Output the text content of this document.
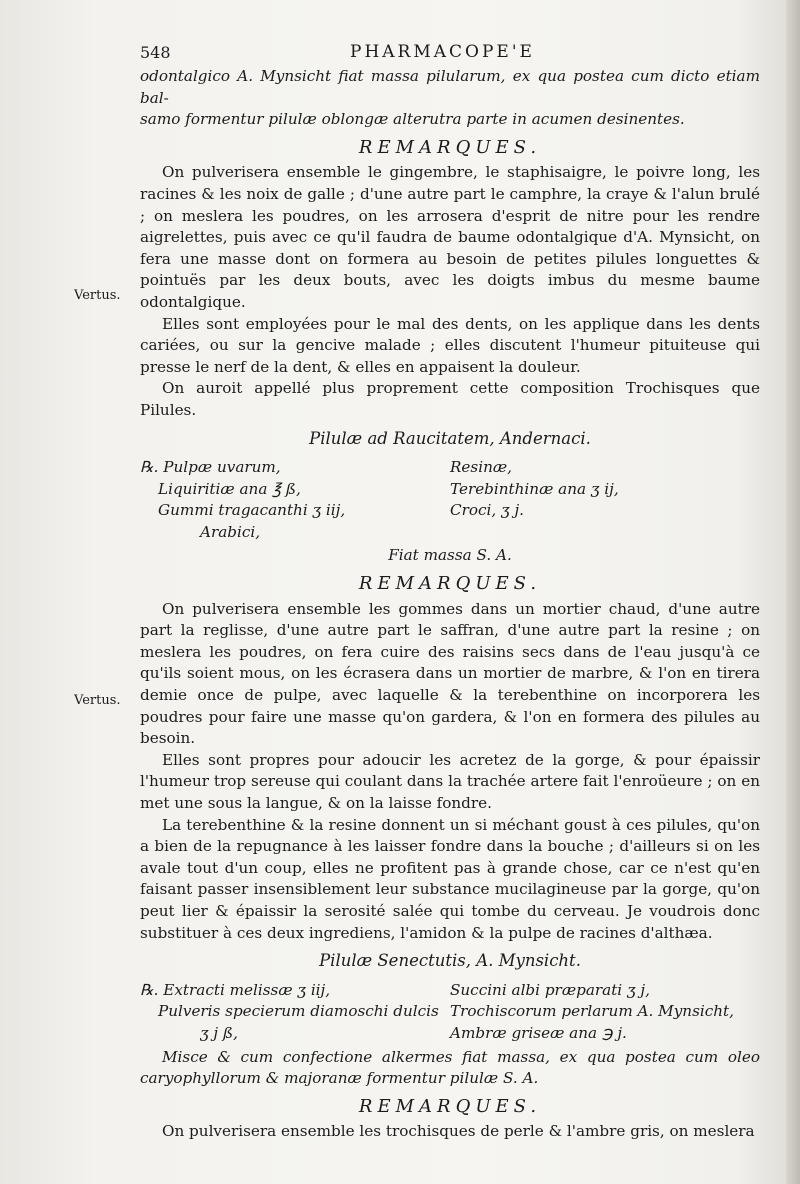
Vertus.
Vertus.
548	PHARMACOPE'E

odontalgico A. Mynsicht fiat massa pilularum, ex qua postea cum dicto etiam bal-

samo formentur pilulæ oblongæ alterutra parte in acumen desinentes.

REMARQUES.

On pulverisera ensemble le gingembre, le staphisaigre, le poivre long, les racines & les noix de galle ; d'une autre part le camphre, la craye & l'alun brulé ; on meslera les poudres, on les arrosera d'esprit de nitre pour les rendre aigrelettes, puis avec ce qu'il faudra de baume odontalgique d'A. Mynsicht, on fera une masse dont on formera au besoin de petites pilules longuettes & pointuës par les deux bouts, avec les doigts imbus du mesme baume odontalgique.

Elles sont employées pour le mal des dents, on les applique dans les dents cariées, ou sur la gencive malade ; elles discutent l'humeur pituiteuse qui presse le nerf de la dent, & elles en appaisent la douleur.

On auroit appellé plus proprement cette composition Trochisques que Pilules.

Pilulæ ad Raucitatem, Andernaci.
℞. Pulpæ uvarum,
Liquiritiæ ana ℥ ß,
Gummi tragacanthi ʒ iij,
Arabici,
Resinæ,
Terebinthinæ ana ʒ ij,
Croci, ʒ j.
Fiat massa S. A.
REMARQUES.

On pulverisera ensemble les gommes dans un mortier chaud, d'une autre part la reglisse, d'une autre part le saffran, d'une autre part la resine ; on meslera les poudres, on fera cuire des raisins secs dans de l'eau jusqu'à ce qu'ils soient mous, on les écrasera dans un mortier de marbre, & l'on en tirera demie once de pulpe, avec laquelle & la terebenthine on incorporera les poudres pour faire une masse qu'on gardera, & l'on en formera des pilules au besoin.

Elles sont propres pour adoucir les acretez de la gorge, & pour épaissir l'humeur trop sereuse qui coulant dans la trachée artere fait l'enroüeure ; on en met une sous la langue, & on la laisse fondre.

La terebenthine & la resine donnent un si méchant goust à ces pilules, qu'on a bien de la repugnance à les laisser fondre dans la bouche ; d'ailleurs si on les avale tout d'un coup, elles ne profitent pas à grande chose, car ce n'est qu'en faisant passer insensiblement leur substance mucilagineuse par la gorge, qu'on peut lier & épaissir la serosité salée qui tombe du cerveau. Je voudrois donc substituer à ces deux ingrediens, l'amidon & la pulpe de racines d'althæa.

Pilulæ Senectutis, A. Mynsicht.
℞. Extracti melissæ ʒ iij,
Pulveris specierum diamoschi dulcis
ʒ j ß,
Succini albi præparati ʒ j,
Trochiscorum perlarum A. Mynsicht,
Ambræ griseæ ana ℈ j.

Misce & cum confectione alkermes fiat massa, ex qua postea cum oleo caryophyllorum & majoranæ formentur pilulæ S. A.

REMARQUES.

On pulverisera ensemble les trochisques de perle & l'ambre gris, on meslera
